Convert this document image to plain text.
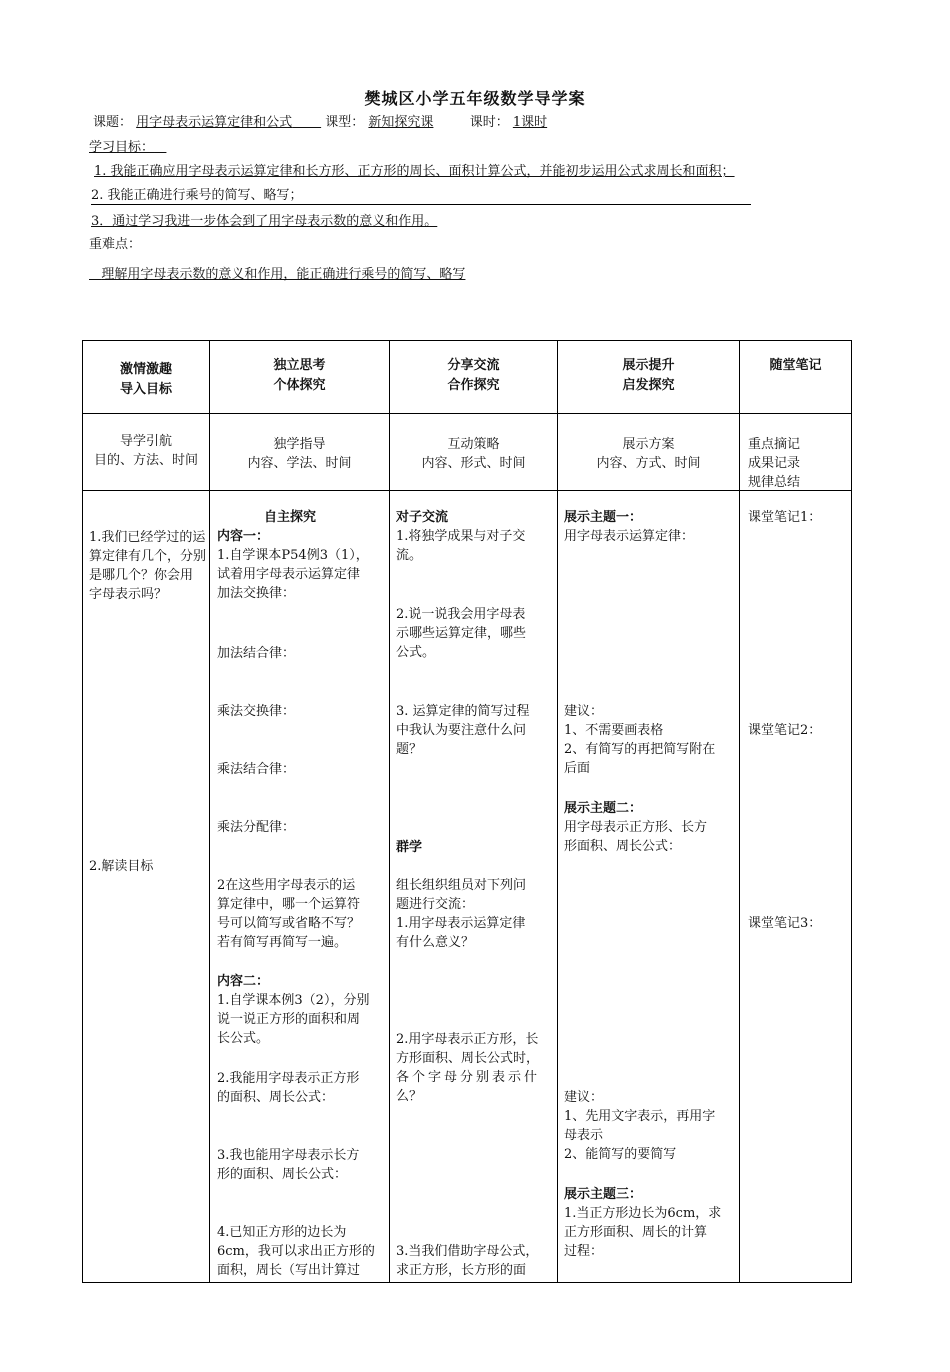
樊城区小学五年级数学导学案
课题： 用字母表示运算定律和公式	课型： 新知探究课	课时： 1课时
学习目标：
1. 我能正确应用字母表示运算定律和长方形、正方形的周长、面积计算公式，并能初步运用公式求周长和面积；
2. 我能正确进行乘号的简写、略写；
3．通过学习我进一步体会到了用字母表示数的意义和作用。
重难点：
理解用字母表示数的意义和作用，能正确进行乘号的简写、略写
激情激趣
导入目标
独立思考
个体探究
分享交流
合作探究
展示提升
启发探究
随堂笔记
导学引航
目的、方法、时间
独学指导
内容、学法、时间
互动策略
内容、形式、时间
展示方案
内容、方式、时间
重点摘记
成果记录
规律总结
1.我们已经学过的运
算定律有几个，分别
是哪几个？你会用
字母表示吗？
2.解读目标
自主探究
内容一：
1.自学课本P54例3（1），
试着用字母表示运算定律
加法交换律：
加法结合律：
乘法交换律：
乘法结合律：
乘法分配律：
2在这些用字母表示的运
算定律中，哪一个运算符
号可以简写或省略不写？
若有简写再简写一遍。
内容二：
1.自学课本例3（2），分别
说一说正方形的面积和周
长公式。
2.我能用字母表示正方形
的面积、周长公式：
3.我也能用字母表示长方
形的面积、周长公式：
4.已知正方形的边长为
6cm，我可以求出正方形的
面积，周长（写出计算过
对子交流
1.将独学成果与对子交
流。
2.说一说我会用字母表
示哪些运算定律，哪些
公式。
3. 运算定律的简写过程
中我认为要注意什么问
题？
群学
组长组织组员对下列问
题进行交流：
1.用字母表示运算定律
有什么意义？
2.用字母表示正方形，长
方形面积、周长公式时，
各个字母分别表示什
么？
3.当我们借助字母公式，
求正方形，长方形的面
展示主题一：
用字母表示运算定律：
建议：
1、不需要画表格
2、有简写的再把简写附在
后面
展示主题二：
用字母表示正方形、长方
形面积、周长公式：
建议：
1、先用文字表示，再用字
母表示
2、能简写的要简写
展示主题三：
1.当正方形边长为6cm，求
正方形面积、周长的计算
过程：
课堂笔记1：
课堂笔记2：
课堂笔记3：
